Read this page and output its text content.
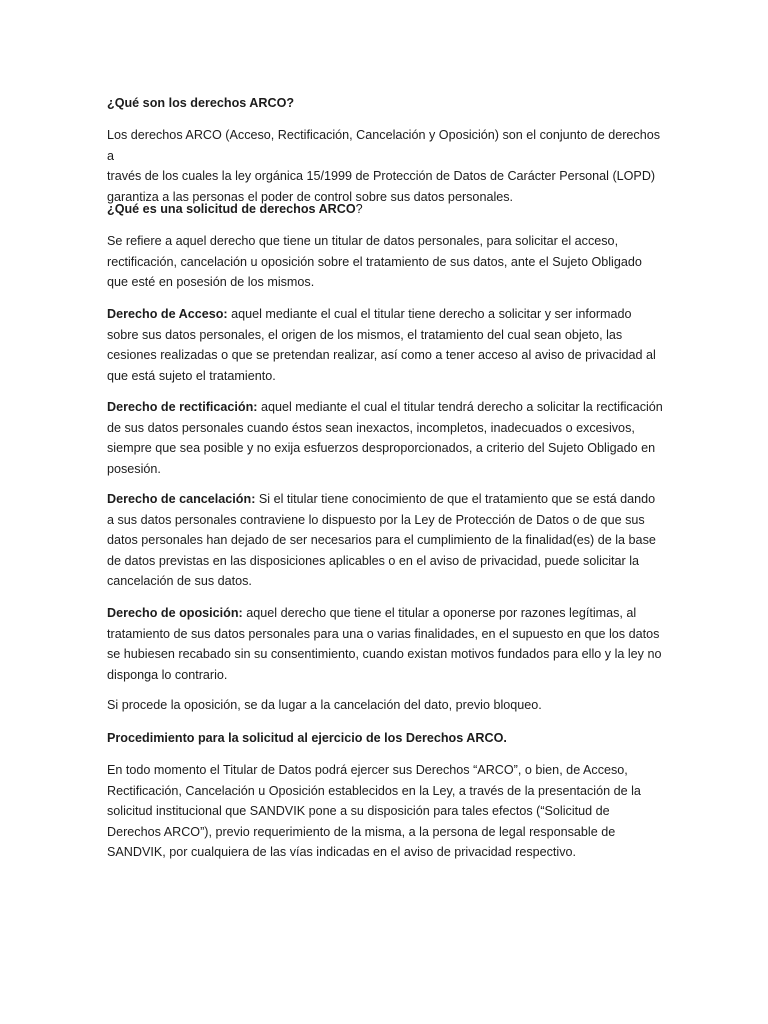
¿Qué son los derechos ARCO?

Los derechos ARCO (Acceso, Rectificación, Cancelación y Oposición) son el conjunto de derechos a
través de los cuales la ley orgánica 15/1999 de Protección de Datos de Carácter Personal (LOPD)
garantiza a las personas el poder de control sobre sus datos personales.

¿Qué es una solicitud de derechos ARCO?

Se refiere a aquel derecho que tiene un titular de datos personales, para solicitar el acceso,
rectificación, cancelación u oposición sobre el tratamiento de sus datos, ante el Sujeto Obligado
que esté en posesión de los mismos.

Derecho de Acceso: aquel mediante el cual el titular tiene derecho a solicitar y ser informado
sobre sus datos personales, el origen de los mismos, el tratamiento del cual sean objeto, las
cesiones realizadas o que se pretendan realizar, así como a tener acceso al aviso de privacidad al
que está sujeto el tratamiento.

Derecho de rectificación: aquel mediante el cual el titular tendrá derecho a solicitar la rectificación
de sus datos personales cuando éstos sean inexactos, incompletos, inadecuados o excesivos,
siempre que sea posible y no exija esfuerzos desproporcionados, a criterio del Sujeto Obligado en
posesión.

Derecho de cancelación: Si el titular tiene conocimiento de que el tratamiento que se está dando
a sus datos personales contraviene lo dispuesto por la Ley de Protección de Datos o de que sus
datos personales han dejado de ser necesarios para el cumplimiento de la finalidad(es) de la base
de datos previstas en las disposiciones aplicables o en el aviso de privacidad, puede solicitar la
cancelación de sus datos.

Derecho de oposición: aquel derecho que tiene el titular a oponerse por razones legítimas, al
tratamiento de sus datos personales para una o varias finalidades, en el supuesto en que los datos
se hubiesen recabado sin su consentimiento, cuando existan motivos fundados para ello y la ley no
disponga lo contrario.

Si procede la oposición, se da lugar a la cancelación del dato, previo bloqueo.

Procedimiento para la solicitud al ejercicio de los Derechos ARCO.

En todo momento el Titular de Datos podrá ejercer sus Derechos “ARCO”, o bien, de Acceso,
Rectificación, Cancelación u Oposición establecidos en la Ley, a través de la presentación de la
solicitud institucional que SANDVIK pone a su disposición para tales efectos (“Solicitud de
Derechos ARCO”), previo requerimiento de la misma, a la persona de legal responsable de
SANDVIK, por cualquiera de las vías indicadas en el aviso de privacidad respectivo.
